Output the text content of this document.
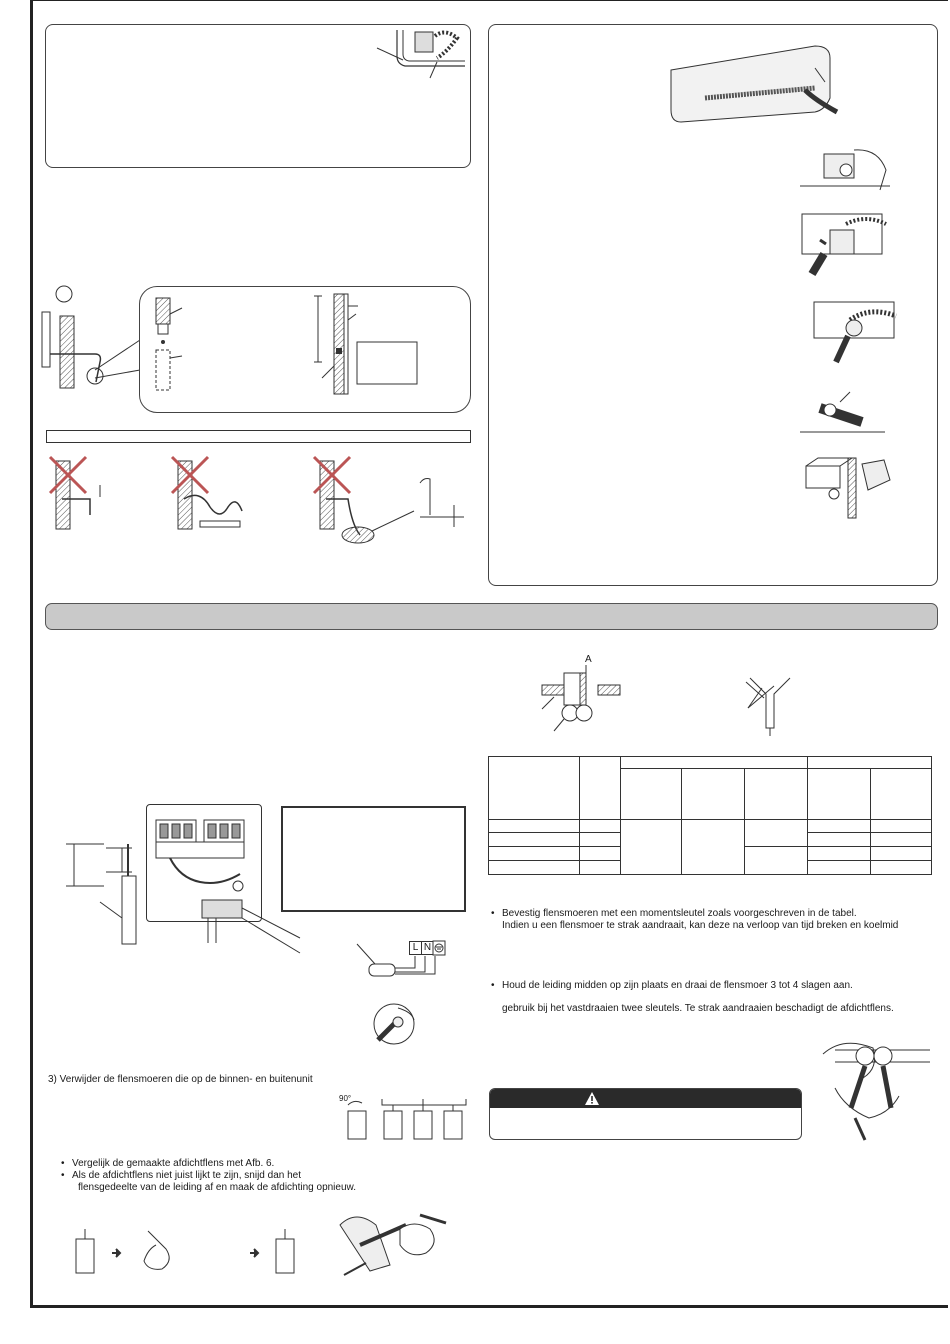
A

• Bevestig flensmoeren met een momentsleutel zoals voorgeschreven in de tabel.
• Indien u een flensmoer te strak aandraait, kan deze na verloop van tijd breken en koelmid
• Houd de leiding midden op zijn plaats en draai de flensmoer 3 tot 4 slagen aan.
gebruik bij het vastdraaien twee sleutels. Te strak aandraaien beschadigt de afdichtflens.
L N
3) Verwijder de flensmoeren die op de binnen- en buitenunit
90°
• Vergelijk de gemaakte afdichtflens met Afb. 6.
• Als de afdichtflens niet juist lijkt te zijn, snijd dan het
flensgedeelte van de leiding af en maak de afdichting opnieuw.
